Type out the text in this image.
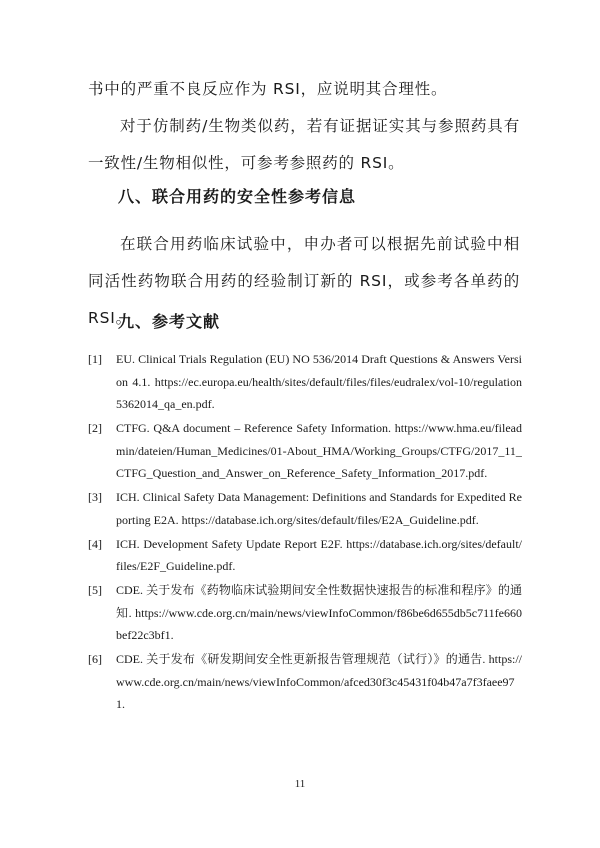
书中的严重不良反应作为 RSI，应说明其合理性。

对于仿制药/生物类似药，若有证据证实其与参照药具有一致性/生物相似性，可参考参照药的 RSI。

八、联合用药的安全性参考信息

在联合用药临床试验中，申办者可以根据先前试验中相同活性药物联合用药的经验制订新的 RSI，或参考各单药的 RSI。

九、参考文献
[1] EU. Clinical Trials Regulation (EU) NO 536/2014 Draft Questions & Answers Version 4.1. https://ec.europa.eu/health/sites/default/files/files/eudralex/vol-10/regulation5362014_qa_en.pdf.
[2] CTFG. Q&A document – Reference Safety Information. https://www.hma.eu/fileadmin/dateien/Human_Medicines/01-About_HMA/Working_Groups/CTFG/2017_11_CTFG_Question_and_Answer_on_Reference_Safety_Information_2017.pdf.
[3] ICH. Clinical Safety Data Management: Definitions and Standards for Expedited Reporting E2A. https://database.ich.org/sites/default/files/E2A_Guideline.pdf.
[4] ICH. Development Safety Update Report E2F. https://database.ich.org/sites/default/files/E2F_Guideline.pdf.
[5] CDE. 关于发布《药物临床试验期间安全性数据快速报告的标准和程序》的通知. https://www.cde.org.cn/main/news/viewInfoCommon/f86be6d655db5c711fe660bef22c3bf1.
[6] CDE. 关于发布《研发期间安全性更新报告管理规范（试行）》的通告. https://www.cde.org.cn/main/news/viewInfoCommon/afced30f3c45431f04b47a7f3faee971.
11
